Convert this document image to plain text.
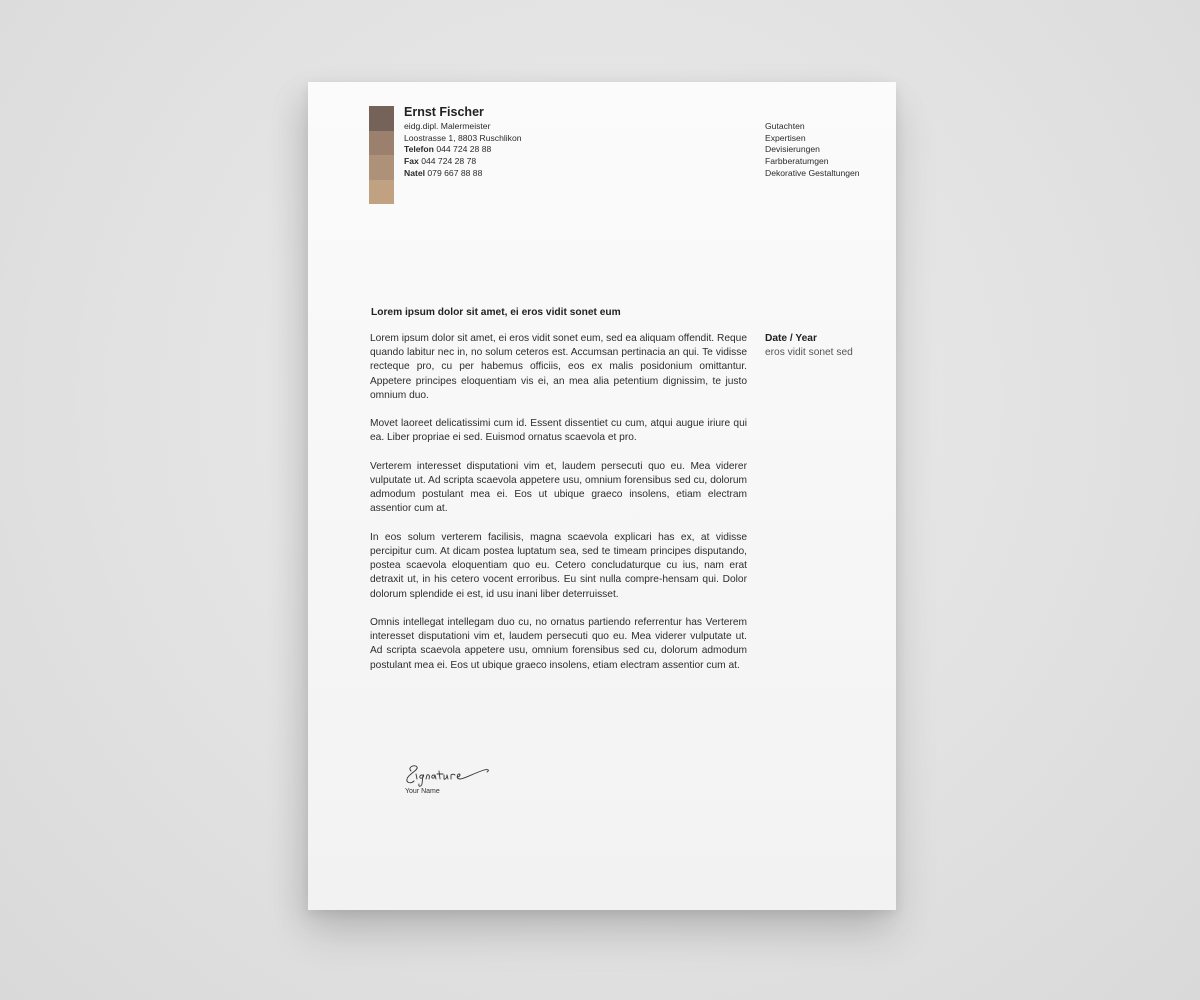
Ernst Fischer
eidg.dipl. Malermeister
Loostrasse 1, 8803 Ruschlikon
Telefon 044 724 28 88
Fax 044 724 28 78
Natel 079 667 88 88
Gutachten
Expertisen
Devisierungen
Farbberatumgen
Dekorative Gestaltungen
Lorem ipsum dolor sit amet, ei eros vidit sonet eum

Lorem ipsum dolor sit amet, ei eros vidit sonet eum, sed ea aliquam offendit. Reque quando labitur nec in, no solum ceteros est. Accumsan pertinacia an qui. Te vidisse recteque pro, cu per habemus officiis, eos ex malis posidonium omittantur. Appetere principes eloquentiam vis ei, an mea alia petentium dignissim, te justo omnium duo.

Movet laoreet delicatissimi cum id. Essent dissentiet cu cum, atqui augue iriure qui ea. Liber propriae ei sed. Euismod ornatus scaevola et pro.

Verterem interesset disputationi vim et, laudem persecuti quo eu. Mea viderer vulputate ut. Ad scripta scaevola appetere usu, omnium forensibus sed cu, dolorum admodum postulant mea ei. Eos ut ubique graeco insolens, etiam electram assentior cum at.

In eos solum verterem facilisis, magna scaevola explicari has ex, at vidisse percipitur cum. At dicam postea luptatum sea, sed te timeam principes disputando, postea scaevola eloquentiam quo eu. Cetero concludaturque cu ius, nam erat detraxit ut, in his cetero vocent erroribus. Eu sint nulla compre-hensam qui. Dolor dolorum splendide ei est, id usu inani liber deterruisset.

Omnis intellegat intellegam duo cu, no ornatus partiendo referrentur has Verterem interesset disputationi vim et, laudem persecuti quo eu. Mea viderer vulputate ut. Ad scripta scaevola appetere usu, omnium forensibus sed cu, dolorum admodum postulant mea ei. Eos ut ubique graeco insolens, etiam electram assentior cum at.

Date / Year
eros vidit sonet sed
Your Name
